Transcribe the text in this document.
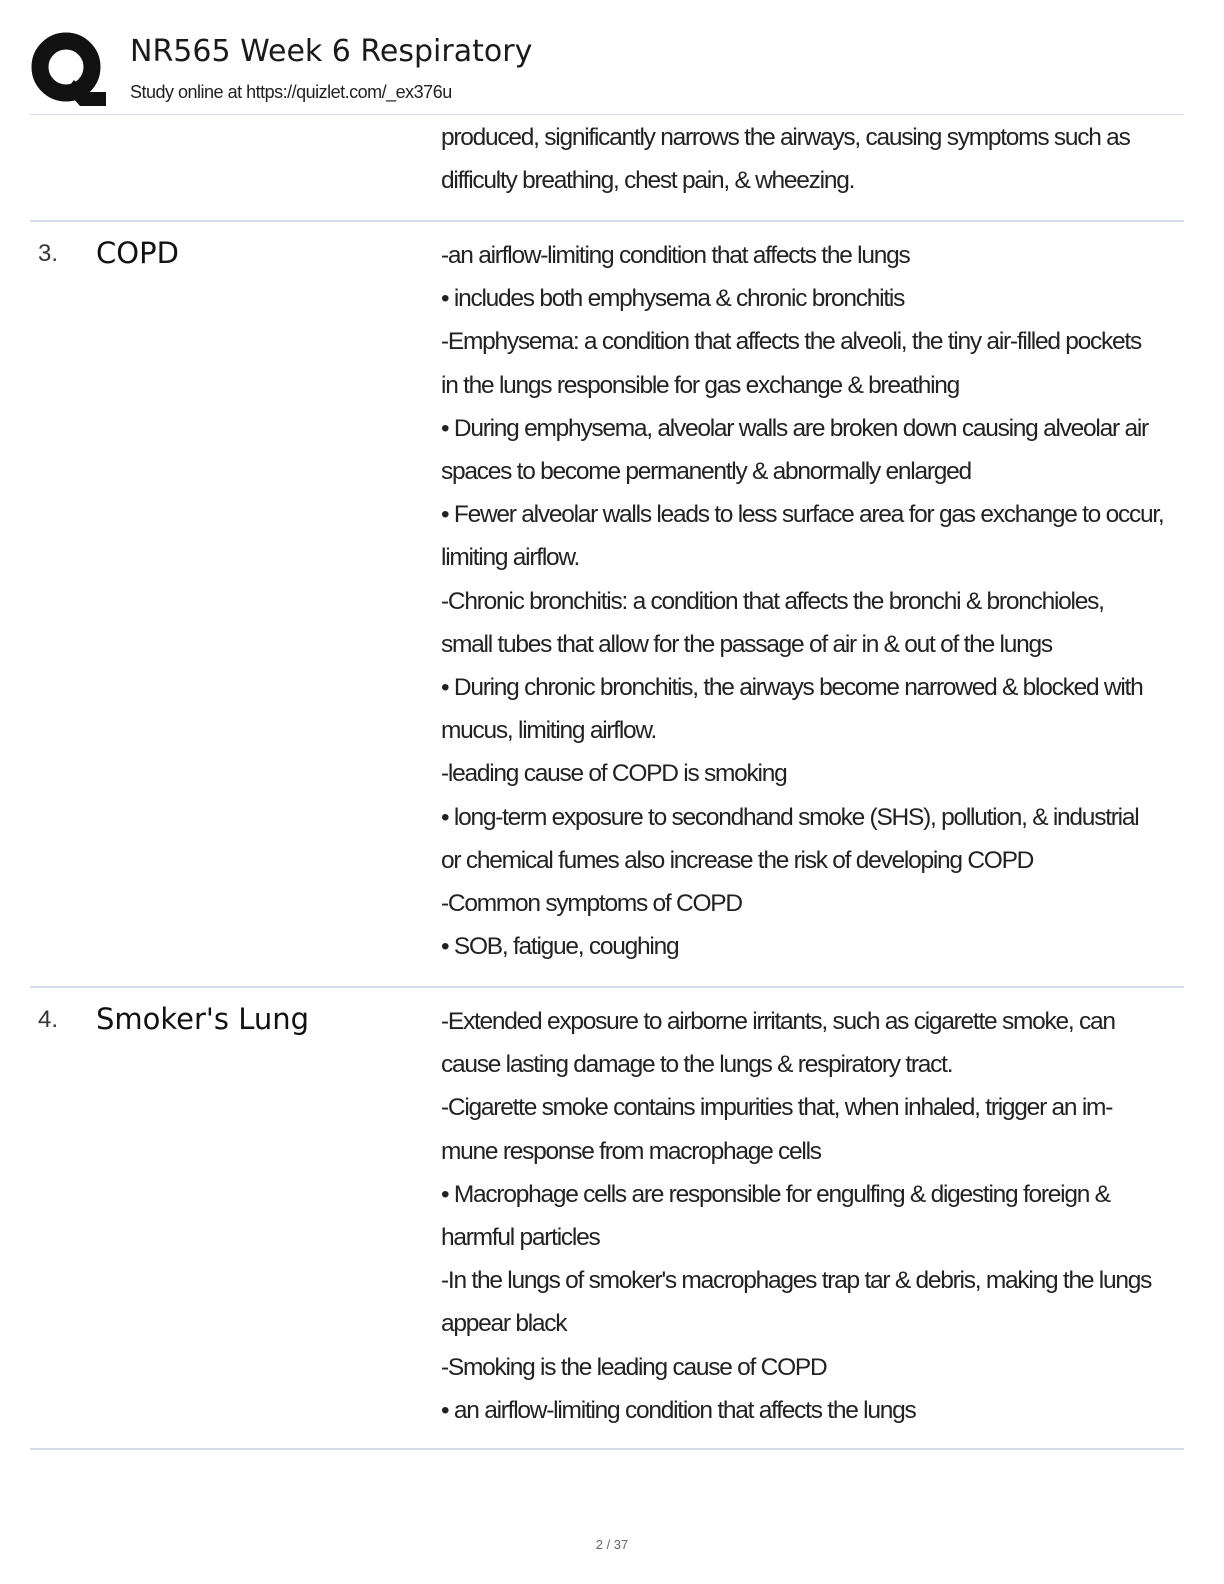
NR565 Week 6 Respiratory
Study online at https://quizlet.com/_ex376u
produced, significantly narrows the airways, causing symptoms such as
difficulty breathing, chest pain, & wheezing.
3. COPD	-an airflow-limiting condition that affects the lungs
• includes both emphysema & chronic bronchitis
-Emphysema: a condition that affects the alveoli, the tiny air-filled pockets
in the lungs responsible for gas exchange & breathing
• During emphysema, alveolar walls are broken down causing alveolar air
spaces to become permanently & abnormally enlarged
• Fewer alveolar walls leads to less surface area for gas exchange to occur,
limiting airflow.
-Chronic bronchitis: a condition that affects the bronchi & bronchioles,
small tubes that allow for the passage of air in & out of the lungs
• During chronic bronchitis, the airways become narrowed & blocked with
mucus, limiting airflow.
-leading cause of COPD is smoking
• long-term exposure to secondhand smoke (SHS), pollution, & industrial
or chemical fumes also increase the risk of developing COPD
-Common symptoms of COPD
• SOB, fatigue, coughing
4. Smoker's Lung	-Extended exposure to airborne irritants, such as cigarette smoke, can
cause lasting damage to the lungs & respiratory tract.
-Cigarette smoke contains impurities that, when inhaled, trigger an im-
mune response from macrophage cells
• Macrophage cells are responsible for engulfing & digesting foreign &
harmful particles
-In the lungs of smoker's macrophages trap tar & debris, making the lungs
appear black
-Smoking is the leading cause of COPD
• an airflow-limiting condition that affects the lungs
2 / 37
